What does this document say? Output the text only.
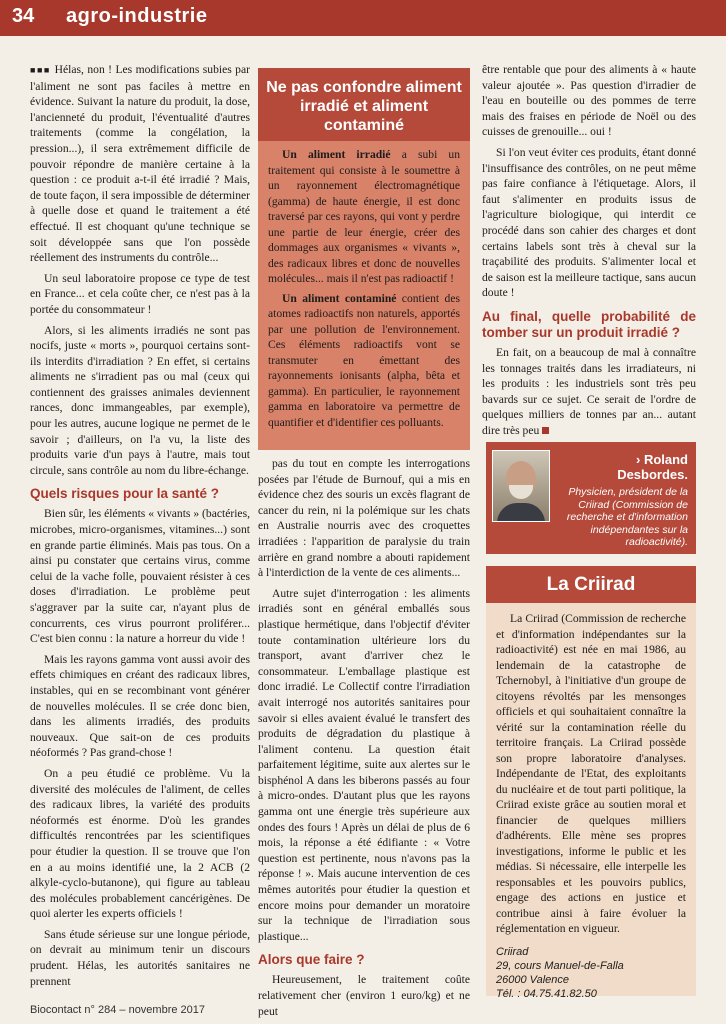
34 agro-industrie

■■■ Hélas, non ! Les modifications subies par l'aliment ne sont pas faciles à mettre en évidence. Suivant la nature du produit, la dose, l'ancienneté du produit, l'éventualité d'autres traitements (comme la congélation, la pression...), il sera extrêmement difficile de pouvoir répondre de manière certaine à la question : ce produit a-t-il été irradié ? Mais, de toute façon, il sera impossible de déterminer à quelle dose et quand le traitement a été effectué. Il est choquant qu'une technique se soit développée sans que l'on possède réellement des instruments du contrôle...

Un seul laboratoire propose ce type de test en France... et cela coûte cher, ce n'est pas à la portée du consommateur !

Alors, si les aliments irradiés ne sont pas nocifs, juste « morts », pourquoi certains sont-ils interdits d'irradiation ? En effet, si certains aliments ne s'irradient pas ou mal (ceux qui contiennent des graisses animales deviennent rances, donc immangeables, par exemple), pour les autres, aucune logique ne permet de le savoir ; d'ailleurs, on l'a vu, la liste des produits varie d'un pays à l'autre, mais tout circule, sans contrôle au nom du libre-échange.

Quels risques pour la santé ?

Bien sûr, les éléments « vivants » (bactéries, microbes, micro-organismes, vitamines...) sont en grande partie éliminés. Mais pas tous. On a ainsi pu constater que certains virus, comme celui de la vache folle, pouvaient résister à ces doses d'irradiation. Le problème peut s'aggraver par la suite car, n'ayant plus de concurrents, ces virus pourront proliférer... C'est bien connu : la nature a horreur du vide !

Mais les rayons gamma vont aussi avoir des effets chimiques en créant des radicaux libres, instables, qui en se recombinant vont générer de nouvelles molécules. Il se crée donc bien, dans les aliments irradiés, des produits nouveaux. Que sait-on de ces produits néoformés ? Pas grand-chose !

On a peu étudié ce problème. Vu la diversité des molécules de l'aliment, de celles des radicaux libres, la variété des produits néoformés est énorme. D'où les grandes difficultés rencontrées par les scientifiques pour étudier la question. Il se trouve que l'on en a au moins identifié une, la 2 ACB (2 alkyle-cyclo-butanone), qui figure au tableau des molécules probablement cancérigènes. De quoi alerter les experts officiels !

Sans étude sérieuse sur une longue période, on devrait au minimum tenir un discours prudent. Hélas, les autorités sanitaires ne prennent

Ne pas confondre aliment irradié et aliment contaminé

Un aliment irradié a subi un traitement qui consiste à le soumettre à un rayonnement électromagnétique (gamma) de haute énergie, il est donc traversé par ces rayons, qui vont y perdre une partie de leur énergie, créer des dommages aux organismes « vivants », des radicaux libres et donc de nouvelles molécules... mais il n'est pas radioactif !

Un aliment contaminé contient des atomes radioactifs non naturels, apportés par une pollution de l'environnement. Ces éléments radioactifs vont se transmuter en émettant des rayonnements ionisants (alpha, bêta et gamma). En particulier, le rayonnement gamma en laboratoire va permettre de quantifier et d'identifier ces polluants.

pas du tout en compte les interrogations posées par l'étude de Burnouf, qui a mis en évidence chez des souris un excès flagrant de cancer du rein, ni la polémique sur les chats en Australie nourris avec des croquettes irradiées : l'apparition de paralysie du train arrière en grand nombre a abouti rapidement à l'interdiction de la vente de ces aliments...

Autre sujet d'interrogation : les aliments irradiés sont en général emballés sous plastique hermétique, dans l'objectif d'éviter toute contamination ultérieure lors du transport, avant d'arriver chez le consommateur. L'emballage plastique est donc irradié. Le Collectif contre l'irradiation avait interrogé nos autorités sanitaires pour savoir si elles avaient évalué le transfert des produits de dégradation du plastique à l'aliment contenu. La question était parfaitement légitime, suite aux alertes sur le bisphénol A dans les biberons passés au four à micro-ondes. D'autant plus que les rayons gamma ont une énergie très supérieure aux ondes des fours ! Après un délai de plus de 6 mois, la réponse a été édifiante : « Votre question est pertinente, nous n'avons pas la réponse ! ». Mais aucune intervention de ces mêmes autorités pour étudier la question et encore moins pour demander un moratoire sur la technique de l'irradiation sous plastique...

Alors que faire ?

Heureusement, le traitement coûte relativement cher (environ 1 euro/kg) et ne peut

être rentable que pour des aliments à « haute valeur ajoutée ». Pas question d'irradier de l'eau en bouteille ou des pommes de terre mais des fraises en période de Noël ou des cuisses de grenouille... oui !

Si l'on veut éviter ces produits, étant donné l'insuffisance des contrôles, on ne peut même pas faire confiance à l'étiquetage. Alors, il faut s'alimenter en produits issus de l'agriculture biologique, qui interdit ce procédé dans son cahier des charges et dont certains labels sont très à cheval sur la traçabilité des produits. S'alimenter local et de saison est la meilleure tactique, sans aucun doute !

Au final, quelle probabilité de tomber sur un produit irradié ?

En fait, on a beaucoup de mal à connaître les tonnages traités dans les irradiateurs, ni les produits : les industriels sont très peu bavards sur ce sujet. Ce serait de l'ordre de quelques milliers de tonnes par an... autant dire très peu

› Roland
Desbordes.
Physicien, président de la Criirad (Commission de recherche et d'information indépendantes sur la radioactivité).
La Criirad

La Criirad (Commission de recherche et d'information indépendantes sur la radioactivité) est née en mai 1986, au lendemain de la catastrophe de Tchernobyl, à l'initiative d'un groupe de citoyens révoltés par les mensonges officiels et qui souhaitaient connaître la vérité sur la contamination réelle du territoire français. La Criirad possède son propre laboratoire d'analyses. Indépendante de l'Etat, des exploitants du nucléaire et de tout parti politique, la Criirad existe grâce au soutien moral et financier de quelques milliers d'adhérents. Elle mène ses propres investigations, informe le public et les médias. Si nécessaire, elle interpelle les responsables et les pouvoirs publics, engage des actions en justice et contribue ainsi à faire évoluer la réglementation en vigueur.

Criirad
29, cours Manuel-de-Falla
26000 Valence
Tél. : 04.75.41.82.50
Biocontact n° 284 – novembre 2017
